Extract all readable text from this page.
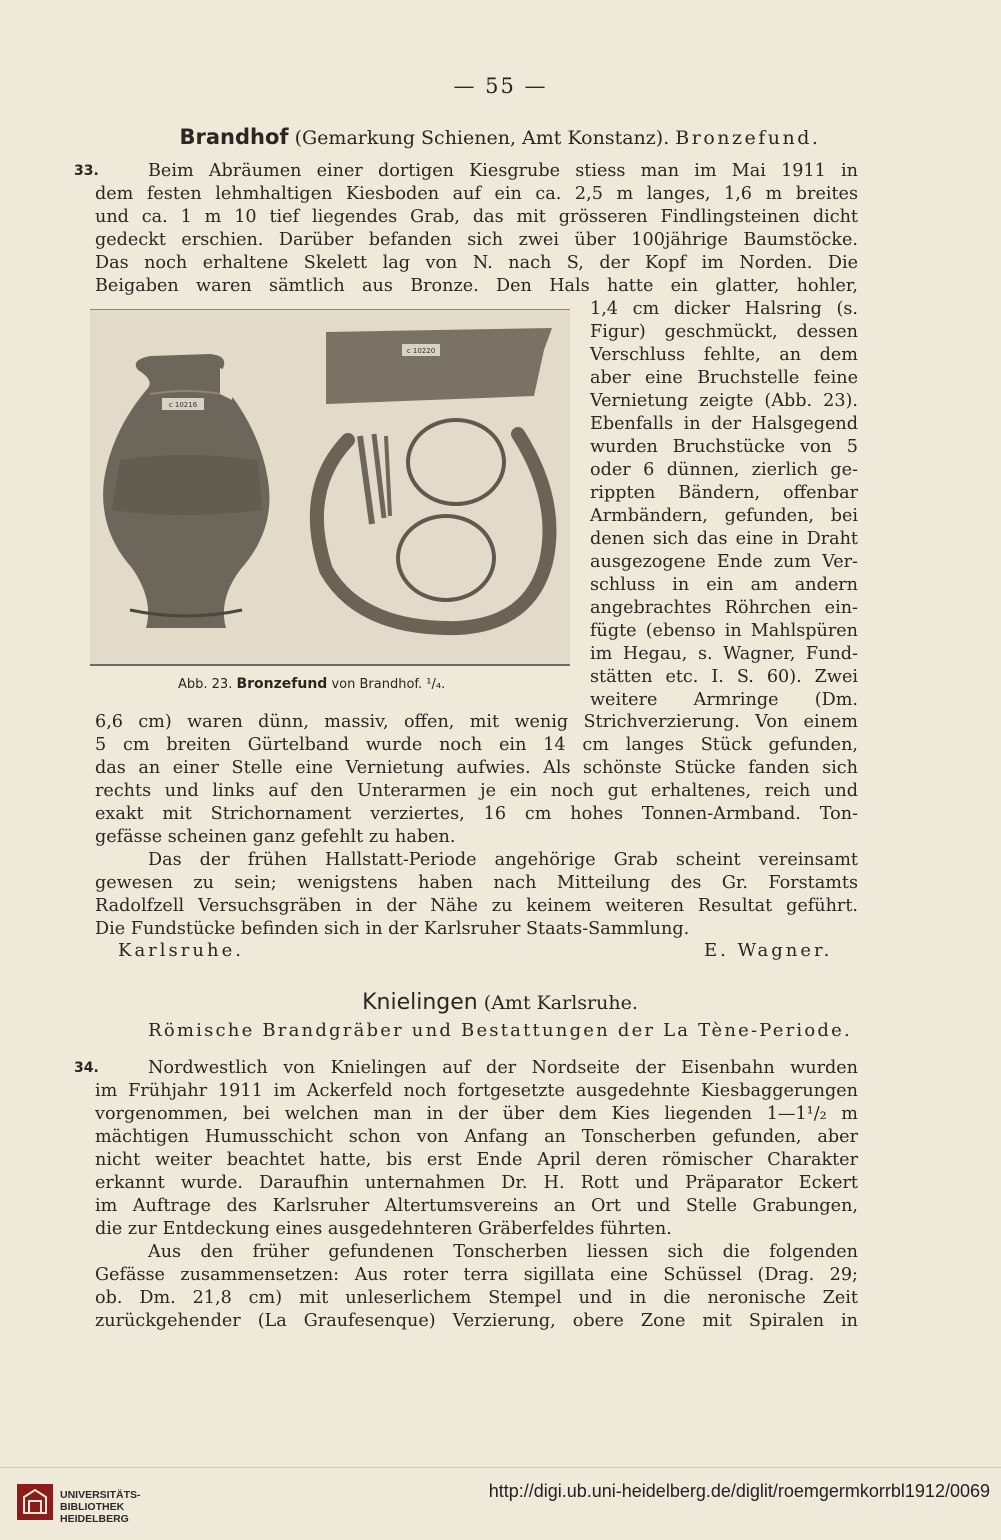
— 55 —
Brandhof (Gemarkung Schienen, Amt Konstanz). Bronzefund.
33.	Beim Abräumen einer dortigen Kiesgrube stiess man im Mai 1911 in
dem festen lehmhaltigen Kiesboden auf ein ca. 2,5 m langes, 1,6 m breites
und ca. 1 m 10 tief liegendes Grab, das mit grösseren Findlingsteinen dicht
gedeckt erschien. Darüber befanden sich zwei über 100jährige Baumstöcke.
Das noch erhaltene Skelett lag von N. nach S, der Kopf im Norden. Die
Beigaben waren sämtlich aus Bronze. Den Hals hatte ein glatter, hohler,
1,4 cm dicker Halsring (s.
Figur) geschmückt, dessen
Verschluss fehlte, an dem
aber eine Bruchstelle feine
Vernietung zeigte (Abb. 23).
Ebenfalls in der Halsgegend
wurden Bruchstücke von 5
oder 6 dünnen, zierlich ge-
rippten Bändern, offenbar
Armbändern, gefunden, bei
denen sich das eine in Draht
ausgezogene Ende zum Ver-
schluss in ein am andern
angebrachtes Röhrchen ein-
fügte (ebenso in Mahlspüren
im Hegau, s. Wagner, Fund-
stätten etc. I. S. 60). Zwei
weitere Armringe (Dm.
c 10216
c 10220
Abb. 23. Bronzefund von Brandhof. ¹/₄.
6,6 cm) waren dünn, massiv, offen, mit wenig Strichverzierung. Von einem
5 cm breiten Gürtelband wurde noch ein 14 cm langes Stück gefunden,
das an einer Stelle eine Vernietung aufwies. Als schönste Stücke fanden sich
rechts und links auf den Unterarmen je ein noch gut erhaltenes, reich und
exakt mit Strichornament verziertes, 16 cm hohes Tonnen-Armband. Ton-
gefässe scheinen ganz gefehlt zu haben.
Das der frühen Hallstatt-Periode angehörige Grab scheint vereinsamt
gewesen zu sein; wenigstens haben nach Mitteilung des Gr. Forstamts
Radolfzell Versuchsgräben in der Nähe zu keinem weiteren Resultat geführt.
Die Fundstücke befinden sich in der Karlsruher Staats-Sammlung.
Karlsruhe.	E. Wagner.
Knielingen (Amt Karlsruhe.
Römische Brandgräber und Bestattungen der La Tène-Periode.
34.	Nordwestlich von Knielingen auf der Nordseite der Eisenbahn wurden
im Frühjahr 1911 im Ackerfeld noch fortgesetzte ausgedehnte Kiesbaggerungen
vorgenommen, bei welchen man in der über dem Kies liegenden 1—1¹/₂ m
mächtigen Humusschicht schon von Anfang an Tonscherben gefunden, aber
nicht weiter beachtet hatte, bis erst Ende April deren römischer Charakter
erkannt wurde. Daraufhin unternahmen Dr. H. Rott und Präparator Eckert
im Auftrage des Karlsruher Altertumsvereins an Ort und Stelle Grabungen,
die zur Entdeckung eines ausgedehnteren Gräberfeldes führten.
Aus den früher gefundenen Tonscherben liessen sich die folgenden
Gefässe zusammensetzen: Aus roter terra sigillata eine Schüssel (Drag. 29;
ob. Dm. 21,8 cm) mit unleserlichem Stempel und in die neronische Zeit
zurückgehender (La Graufesenque) Verzierung, obere Zone mit Spiralen in
UNIVERSITÄTS-
BIBLIOTHEK
HEIDELBERG
http://digi.ub.uni-heidelberg.de/diglit/roemgermkorrbl1912/0069
